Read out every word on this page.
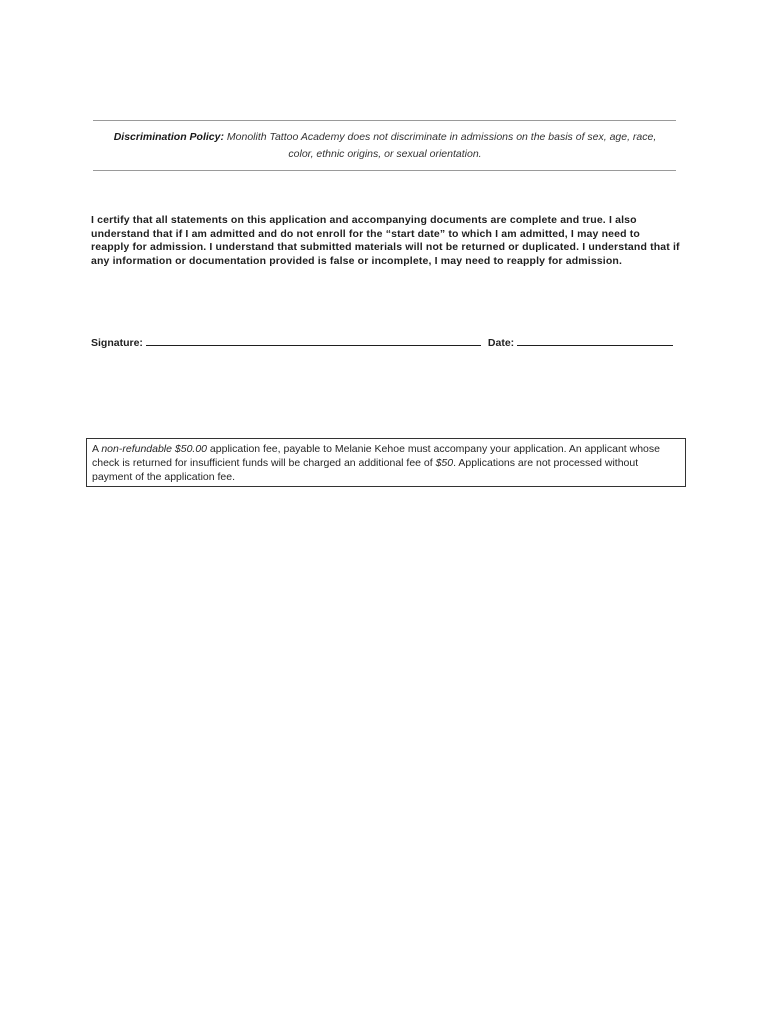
Discrimination Policy: Monolith Tattoo Academy does not discriminate in admissions on the basis of sex, age, race,
color, ethnic origins, or sexual orientation.
I certify that all statements on this application and accompanying documents are complete and true. I also understand that if I am admitted and do not enroll for the “start date” to which I am admitted, I may need to reapply for admission. I understand that submitted materials will not be returned or duplicated. I understand that if any information or documentation provided is false or incomplete, I may need to reapply for admission.
Signature:	Date:
A non-refundable $50.00 application fee, payable to Melanie Kehoe must accompany your application. An applicant whose check is returned for insufficient funds will be charged an additional fee of $50. Applications are not processed without payment of the application fee.
